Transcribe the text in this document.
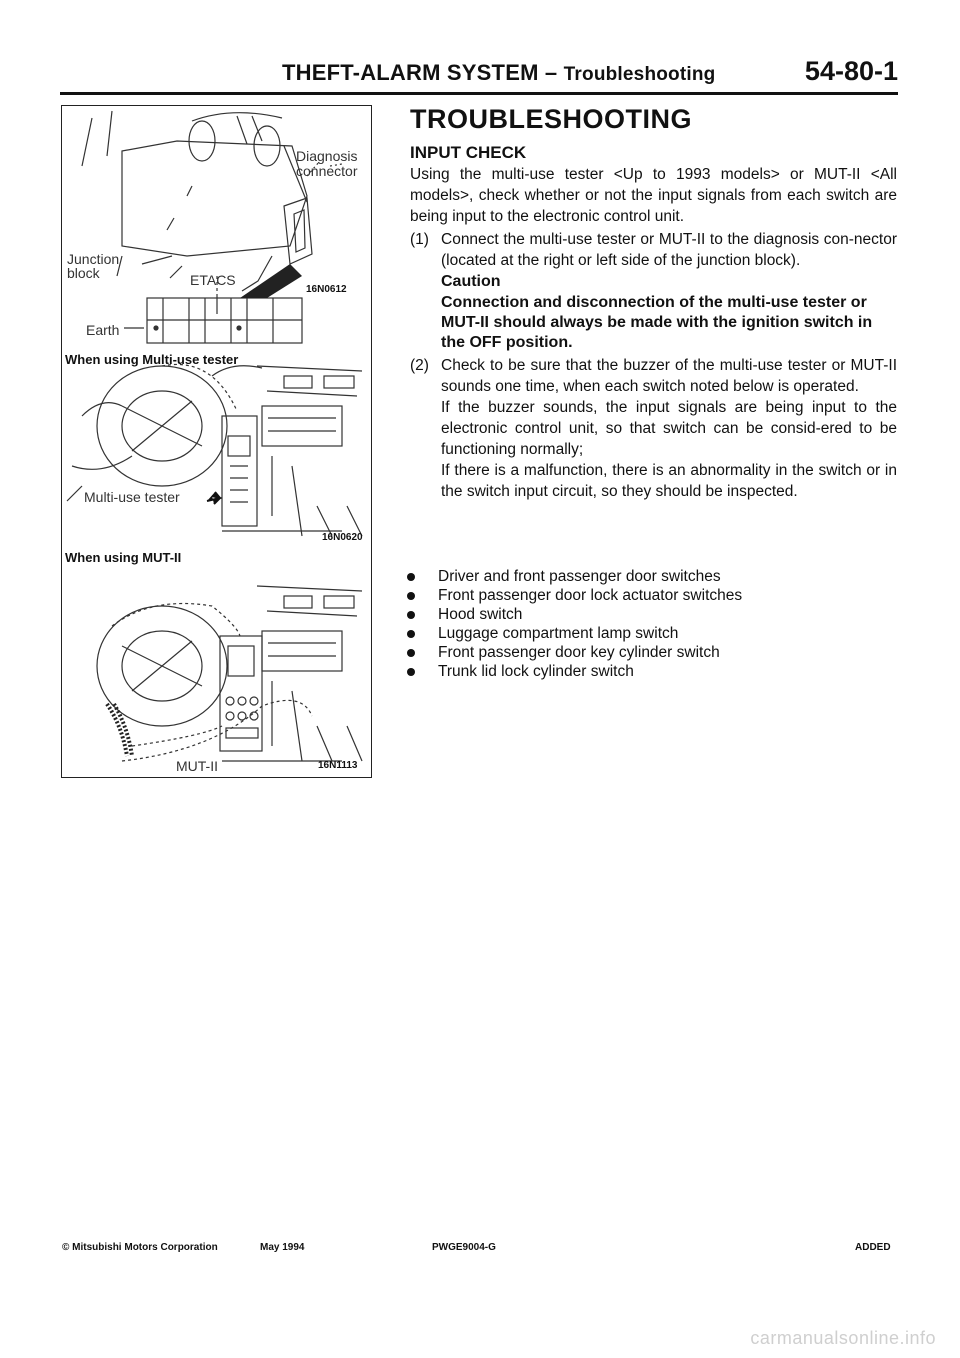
THEFT-ALARM SYSTEM – Troubleshooting	54-80-1
Diagnosis
connector
Junction
block	ETACS
Earth
16N0612
When using Multi-use tester
Multi-use tester
16N0620
When using MUT-II
MUT-II	16N1113
TROUBLESHOOTING
INPUT CHECK
Using the multi-use tester <Up to 1993 models> or MUT-II <All models>, check whether or not the input signals from each switch are being input to the electronic control unit.
(1) Connect the multi-use tester or MUT-II to the diagnosis con-nector (located at the right or left side of the junction block).
Caution
Connection and disconnection of the multi-use tester or MUT-II should always be made with the ignition switch in the OFF position.
(2) Check to be sure that the buzzer of the multi-use tester or MUT-II sounds one time, when each switch noted below is operated.
If the buzzer sounds, the input signals are being input to the electronic control unit, so that switch can be consid-ered to be functioning normally;
If there is a malfunction, there is an abnormality in the switch or in the switch input circuit, so they should be inspected.
Driver and front passenger door switches
Front passenger door lock actuator switches
Hood switch
Luggage compartment lamp switch
Front passenger door key cylinder switch
Trunk lid lock cylinder switch
© Mitsubishi Motors Corporation	May 1994	PWGE9004-G	ADDED
carmanualsonline.info
